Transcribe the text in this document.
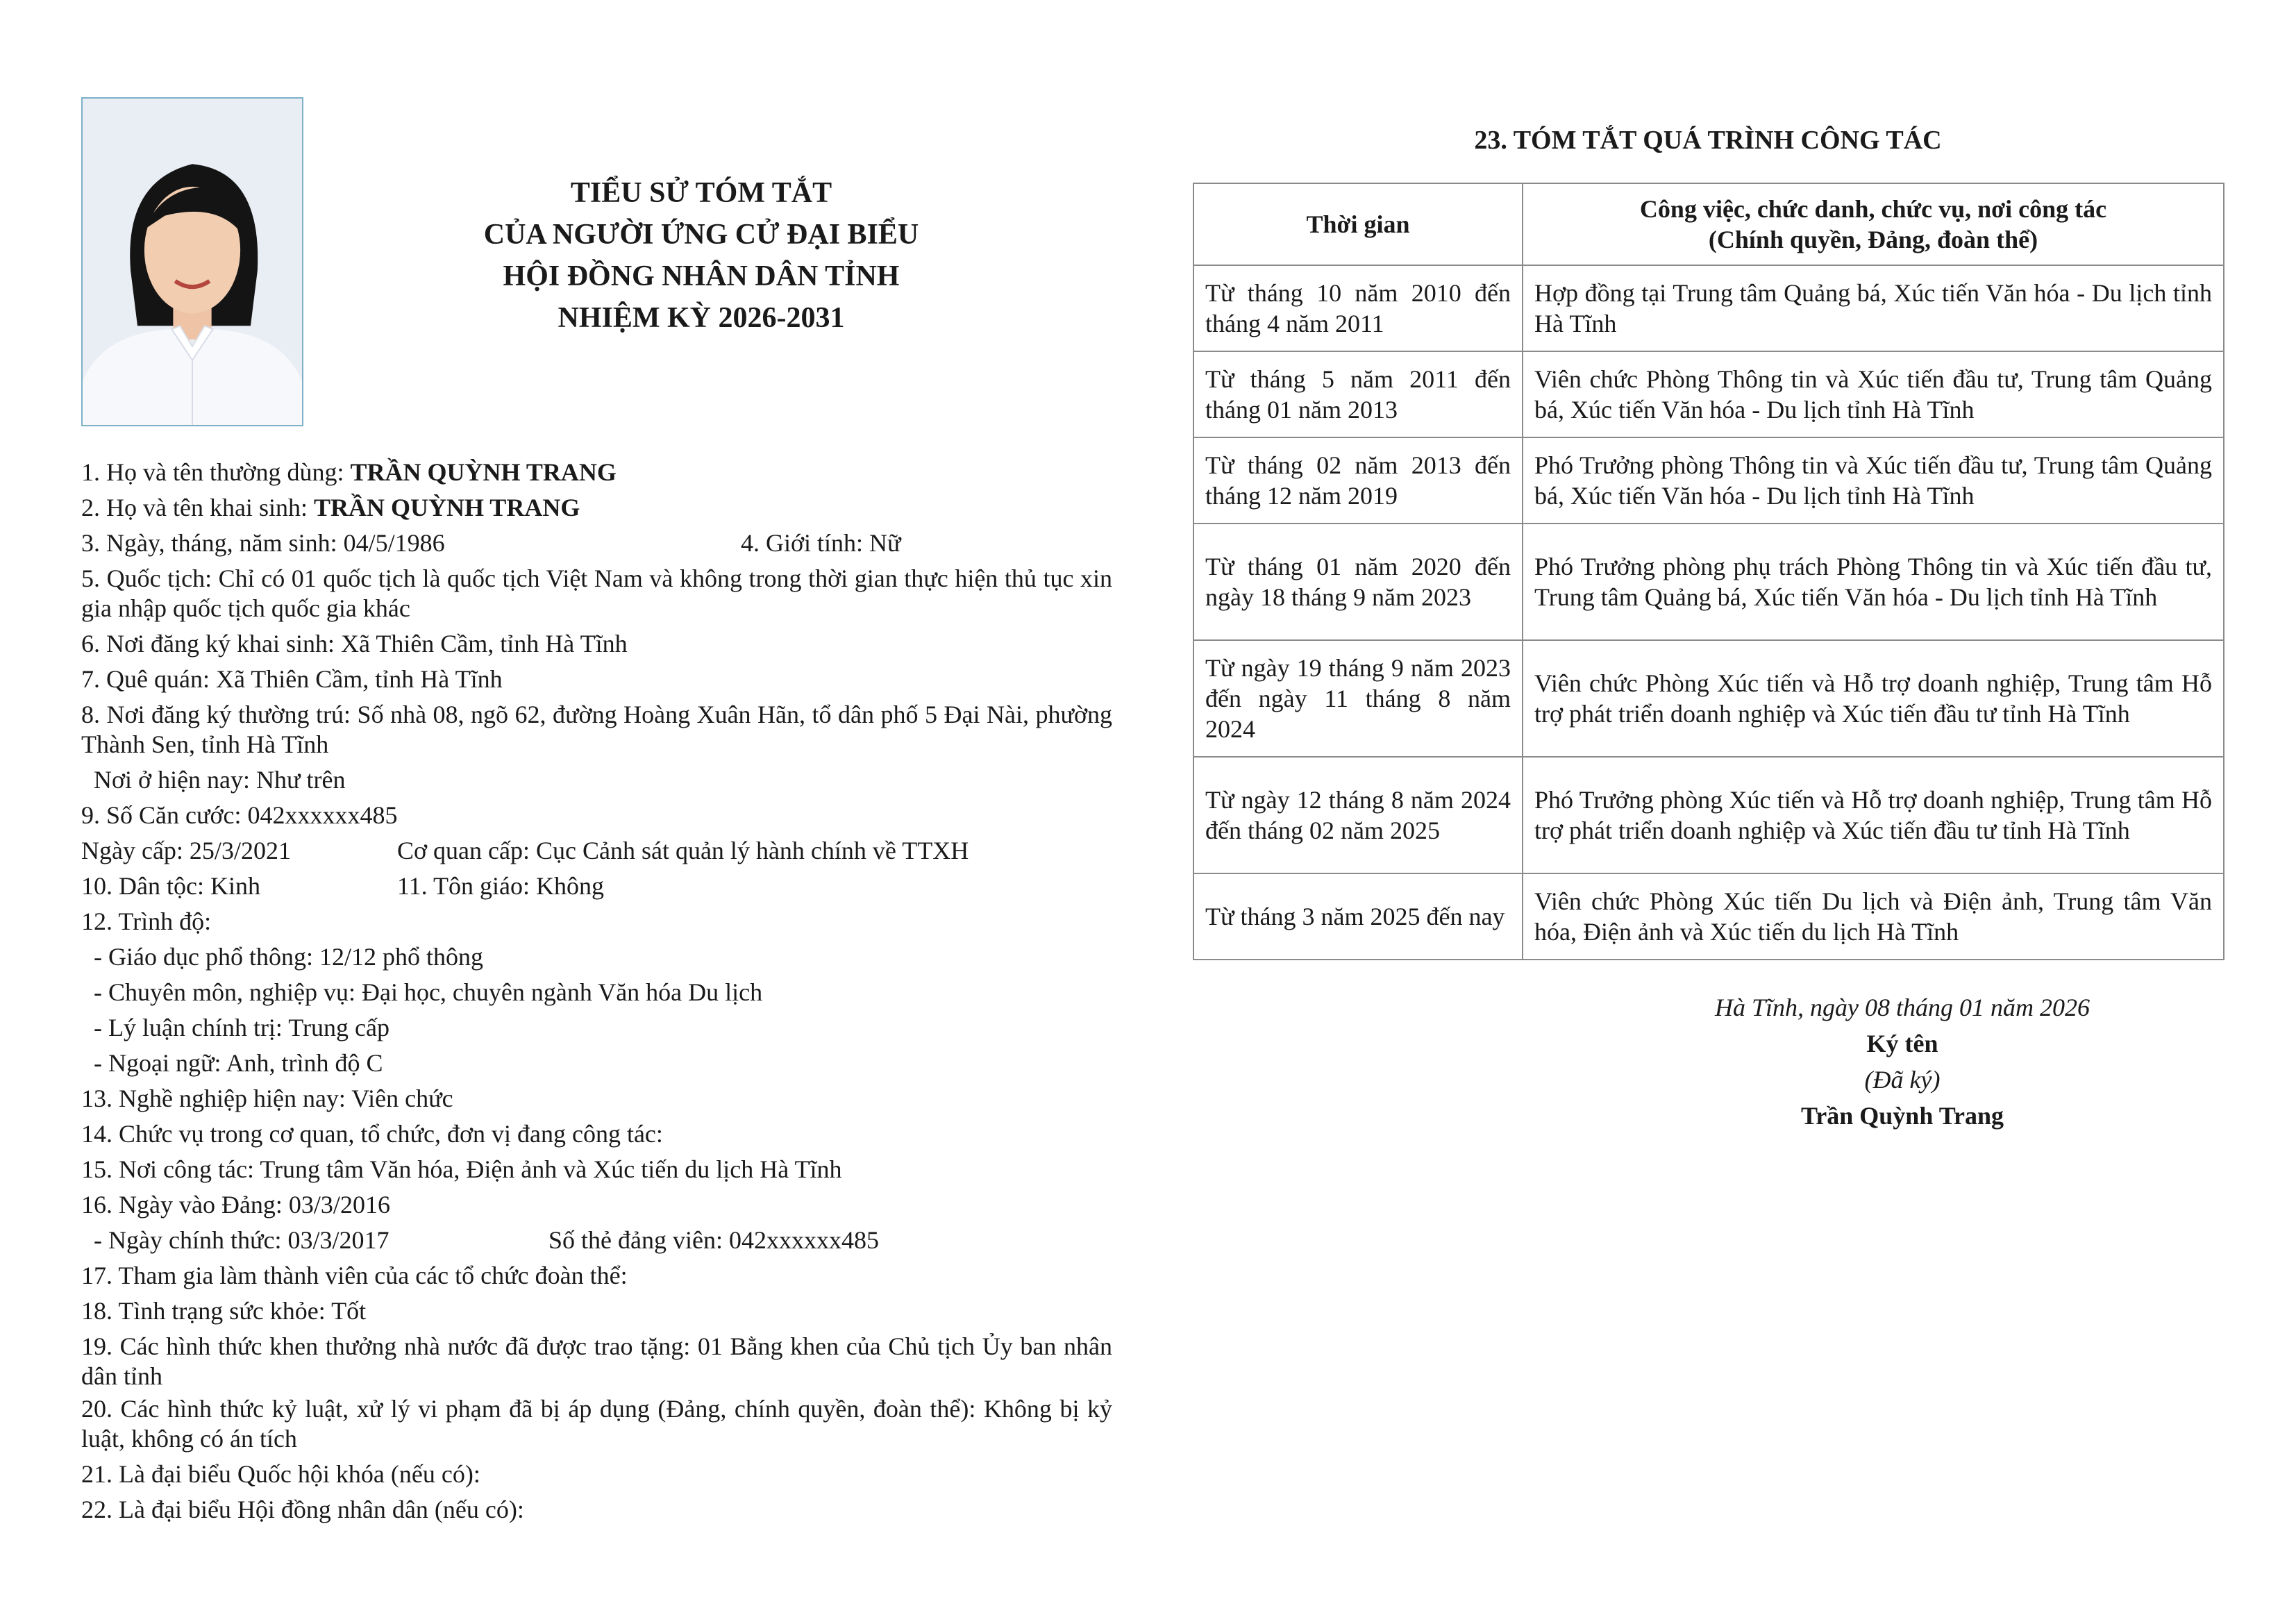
TIỂU SỬ TÓM TẮT
CỦA NGƯỜI ỨNG CỬ ĐẠI BIỂU
HỘI ĐỒNG NHÂN DÂN TỈNH
NHIỆM KỲ 2026-2031
1. Họ và tên thường dùng: TRẦN QUỲNH TRANG
2. Họ và tên khai sinh: TRẦN QUỲNH TRANG
3. Ngày, tháng, năm sinh: 04/5/1986	4. Giới tính: Nữ
5. Quốc tịch: Chỉ có 01 quốc tịch là quốc tịch Việt Nam và không trong thời gian thực hiện thủ tục xin gia nhập quốc tịch quốc gia khác
6. Nơi đăng ký khai sinh: Xã Thiên Cầm, tỉnh Hà Tĩnh
7. Quê quán: Xã Thiên Cầm, tỉnh Hà Tĩnh
8. Nơi đăng ký thường trú: Số nhà 08, ngõ 62, đường Hoàng Xuân Hãn, tổ dân phố 5 Đại Nài, phường Thành Sen, tỉnh Hà Tĩnh
Nơi ở hiện nay: Như trên
9. Số Căn cước: 042xxxxxx485
Ngày cấp: 25/3/2021	Cơ quan cấp: Cục Cảnh sát quản lý hành chính về TTXH
10. Dân tộc: Kinh	11. Tôn giáo: Không
12. Trình độ:
- Giáo dục phổ thông: 12/12 phổ thông
- Chuyên môn, nghiệp vụ: Đại học, chuyên ngành Văn hóa Du lịch
- Lý luận chính trị: Trung cấp
- Ngoại ngữ: Anh, trình độ C
13. Nghề nghiệp hiện nay: Viên chức
14. Chức vụ trong cơ quan, tổ chức, đơn vị đang công tác:
15. Nơi công tác: Trung tâm Văn hóa, Điện ảnh và Xúc tiến du lịch Hà Tĩnh
16. Ngày vào Đảng: 03/3/2016
- Ngày chính thức: 03/3/2017	Số thẻ đảng viên: 042xxxxxx485
17. Tham gia làm thành viên của các tổ chức đoàn thể:
18. Tình trạng sức khỏe: Tốt
19. Các hình thức khen thưởng nhà nước đã được trao tặng: 01 Bằng khen của Chủ tịch Ủy ban nhân dân tỉnh
20. Các hình thức kỷ luật, xử lý vi phạm đã bị áp dụng (Đảng, chính quyền, đoàn thể): Không bị kỷ luật, không có án tích
21. Là đại biểu Quốc hội khóa (nếu có):
22. Là đại biểu Hội đồng nhân dân (nếu có):
23. TÓM TẮT QUÁ TRÌNH CÔNG TÁC
Thời gian	Công việc, chức danh, chức vụ, nơi công tác
(Chính quyền, Đảng, đoàn thể)

Từ tháng 10 năm 2010 đến tháng 4 năm 2011	Hợp đồng tại Trung tâm Quảng bá, Xúc tiến Văn hóa - Du lịch tỉnh Hà Tĩnh
Từ tháng 5 năm 2011 đến tháng 01 năm 2013	Viên chức Phòng Thông tin và Xúc tiến đầu tư, Trung tâm Quảng bá, Xúc tiến Văn hóa - Du lịch tỉnh Hà Tĩnh
Từ tháng 02 năm 2013 đến tháng 12 năm 2019	Phó Trưởng phòng Thông tin và Xúc tiến đầu tư, Trung tâm Quảng bá, Xúc tiến Văn hóa - Du lịch tỉnh Hà Tĩnh
Từ tháng 01 năm 2020 đến ngày 18 tháng 9 năm 2023	Phó Trưởng phòng phụ trách Phòng Thông tin và Xúc tiến đầu tư, Trung tâm Quảng bá, Xúc tiến Văn hóa - Du lịch tỉnh Hà Tĩnh
Từ ngày 19 tháng 9 năm 2023 đến ngày 11 tháng 8 năm 2024	Viên chức Phòng Xúc tiến và Hỗ trợ doanh nghiệp, Trung tâm Hỗ trợ phát triển doanh nghiệp và Xúc tiến đầu tư tỉnh Hà Tĩnh
Từ ngày 12 tháng 8 năm 2024 đến tháng 02 năm 2025	Phó Trưởng phòng Xúc tiến và Hỗ trợ doanh nghiệp, Trung tâm Hỗ trợ phát triển doanh nghiệp và Xúc tiến đầu tư tỉnh Hà Tĩnh
Từ tháng 3 năm 2025 đến nay	Viên chức Phòng Xúc tiến Du lịch và Điện ảnh, Trung tâm Văn hóa, Điện ảnh và Xúc tiến du lịch Hà Tĩnh
Hà Tĩnh, ngày 08 tháng 01 năm 2026
Ký tên
(Đã ký)
Trần Quỳnh Trang
